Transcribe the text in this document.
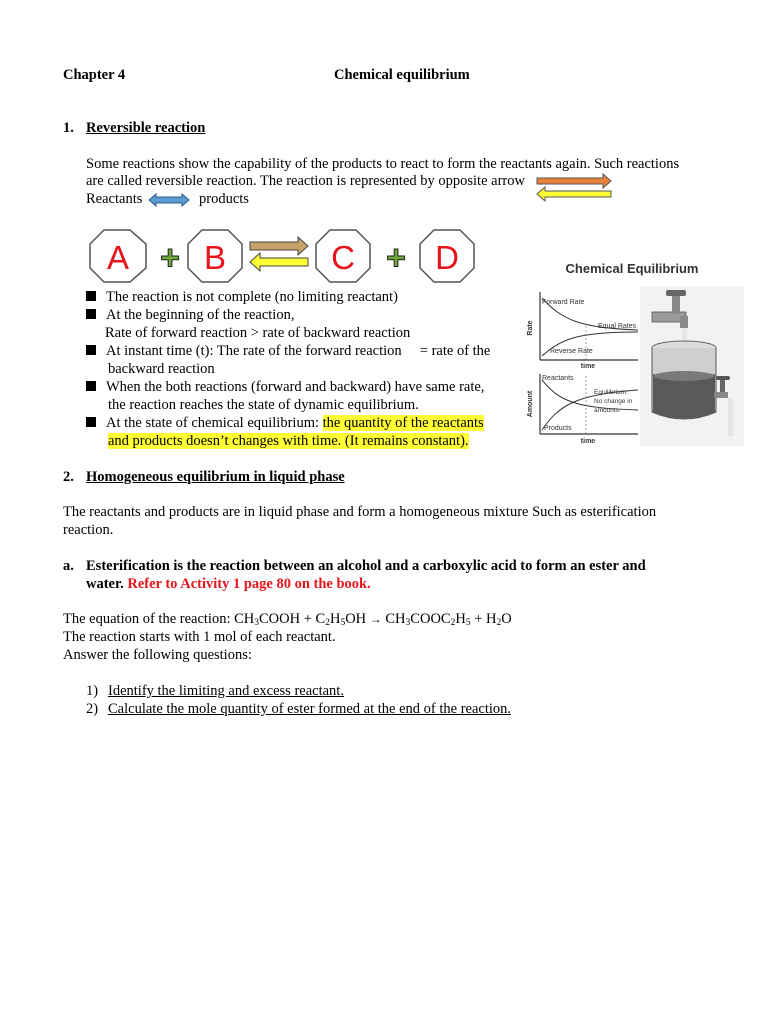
Chapter 4	Chemical equilibrium
1. Reversible reaction
Some reactions show the capability of the products to react to form the reactants again. Such reactions
are called reversible reaction. The reaction is represented by opposite arrow
Reactants	products
A + B	C + D
The reaction is not complete (no limiting reactant)
At the beginning of the reaction,
Rate of forward reaction > rate of backward reaction
At instant time (t): The rate of the forward reaction     = rate of the
backward reaction
When the both reactions (forward and backward) have same rate,
the reaction reaches the state of dynamic equilibrium.
At the state of chemical equilibrium: the quantity of the reactants
and products doesn’t changes with time. (It remains constant).
Chemical Equilibrium
Forward Rate
Equal Rates
Reverse Rate
Rate
time
Reactants
Products
Equilibrium:
No change in
amounts.
Amount
time
2. Homogeneous equilibrium in liquid phase
The reactants and products are in liquid phase and form a homogeneous mixture Such as esterification
reaction.
a. Esterification is the reaction between an alcohol and a carboxylic acid to form an ester and
water. Refer to Activity 1 page 80 on the book.
The equation of the reaction: $CH_3COOH + C_2H_5OH$ → $CH_3COOC_2H_5 + H_2O$
The reaction starts with 1 mol of each reactant.
Answer the following questions:
1) Identify the limiting and excess reactant.
2) Calculate the mole quantity of ester formed at the end of the reaction.
